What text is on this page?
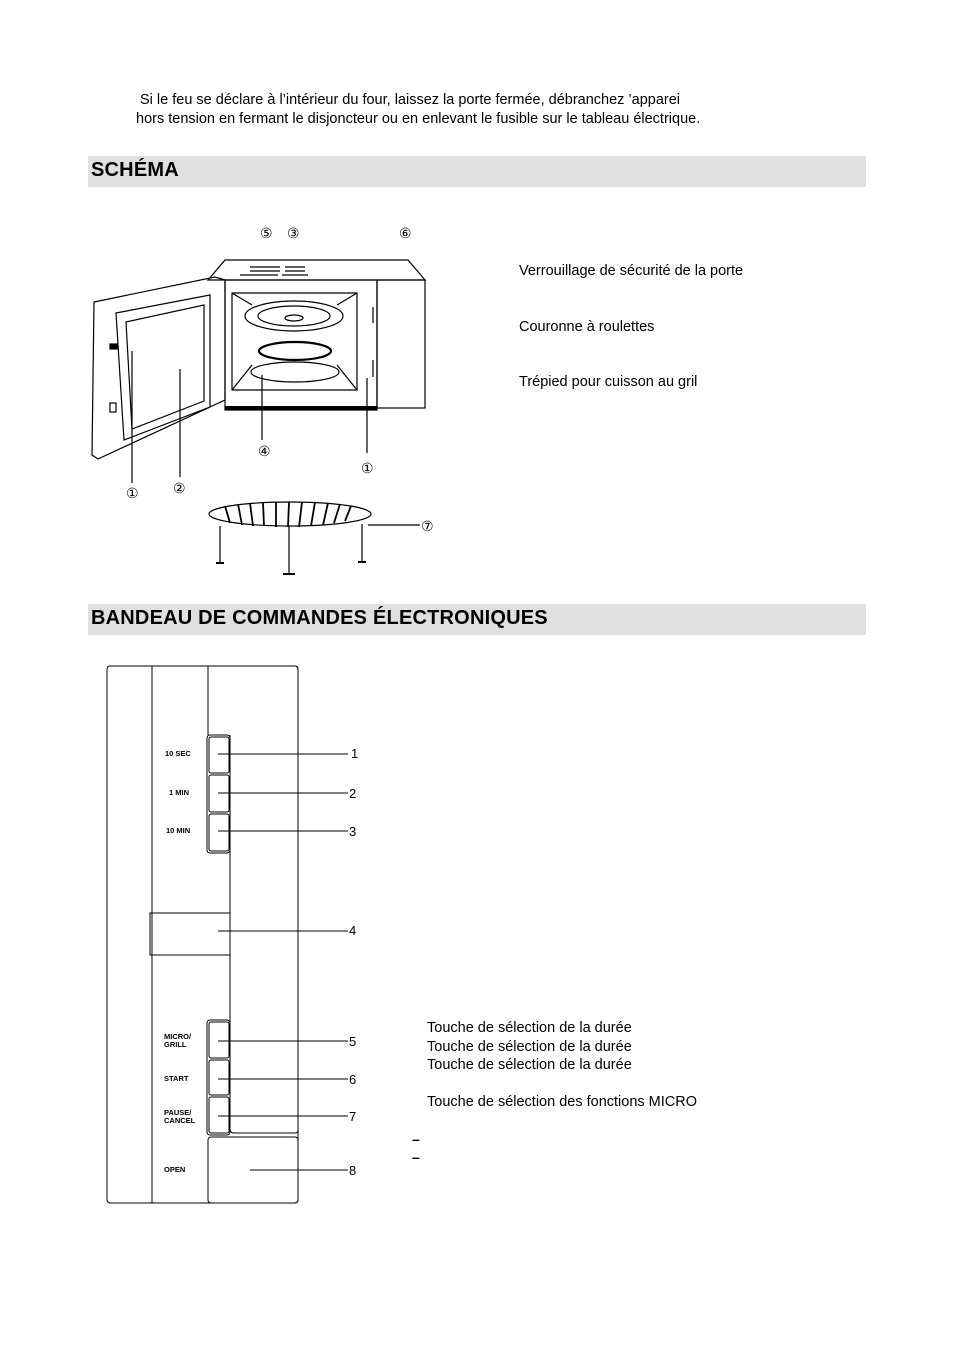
Si le feu se déclare à l’intérieur du four, laissez la porte fermée, débranchez ’apparei
hors tension en fermant le disjoncteur ou en enlevant le fusible sur le tableau électrique.
SCHÉMA
⑤ ③	⑥
④
①
① ②
⑦
Verrouillage de sécurité de la porte
Couronne à roulettes
Trépied pour cuisson au gril
BANDEAU DE COMMANDES ÉLECTRONIQUES
10 SEC
1 MIN
10 MIN
MICRO/
GRILL
START
PAUSE/
CANCEL
OPEN
1
2
3
4
5
6
7
8
Touche de sélection de la durée
Touche de sélection de la durée
Touche de sélection de la durée
Touche de sélection des fonctions MICRO
–
–
